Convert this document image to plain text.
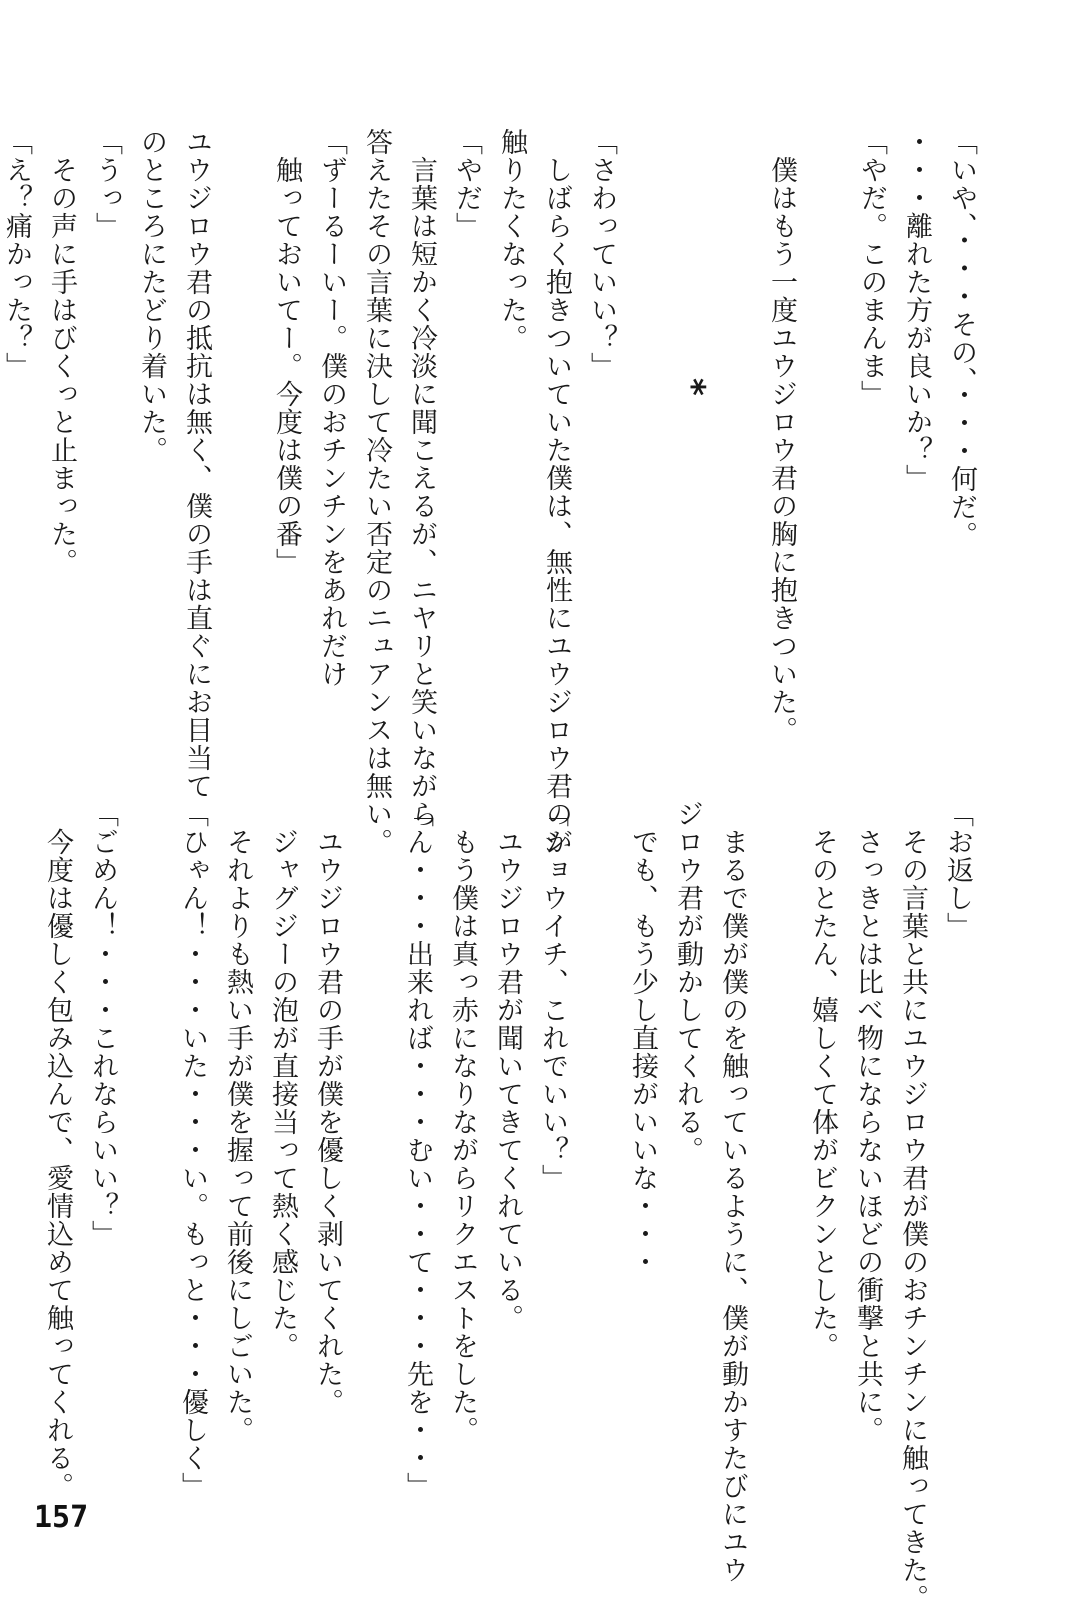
「いや、・・・その、・・・何だ。
・・・離れた方が良いか？」
「やだ。このまんま」

　僕はもう一度ユウジロウ君の胸に抱きついた。

*

「さわっていい？」
　しばらく抱きついていた僕は、無性にユウジロウ君のが
触りたくなった。
「やだ」
　言葉は短かく冷淡に聞こえるが、ニヤリと笑いながら
答えたその言葉に決して冷たい否定のニュアンスは無い。
「ずーるーいー。僕のおチンチンをあれだけ
　触っておいてー。今度は僕の番」

ユウジロウ君の抵抗は無く、僕の手は直ぐにお目当て
のところにたどり着いた。
「うっ」
　その声に手はびくっと止まった。
「え？痛かった？」

「お返し」
　その言葉と共にユウジロウ君が僕のおチンチンに触ってきた。
　さっきとは比べ物にならないほどの衝撃と共に。
　そのとたん、嬉しくて体がビクンとした。

　まるで僕が僕のを触っているように、僕が動かすたびにユウ
ジロウ君が動かしてくれる。
　でも、もう少し直接がいいな・・・

「ショウイチ、これでいい？」
　ユウジロウ君が聞いてきてくれている。
　もう僕は真っ赤になりながらリクエストをした。
「ん・・・出来れば・・・むい・・て・・・先を・・」

　ユウジロウ君の手が僕を優しく剥いてくれた。
　ジャグジーの泡が直接当って熱く感じた。
　それよりも熱い手が僕を握って前後にしごいた。
「ひゃん！・・・いた・・・い。もっと・・・優しく」

「ごめん！・・・これならいい？」
　今度は優しく包み込んで、愛情込めて触ってくれる。

157
